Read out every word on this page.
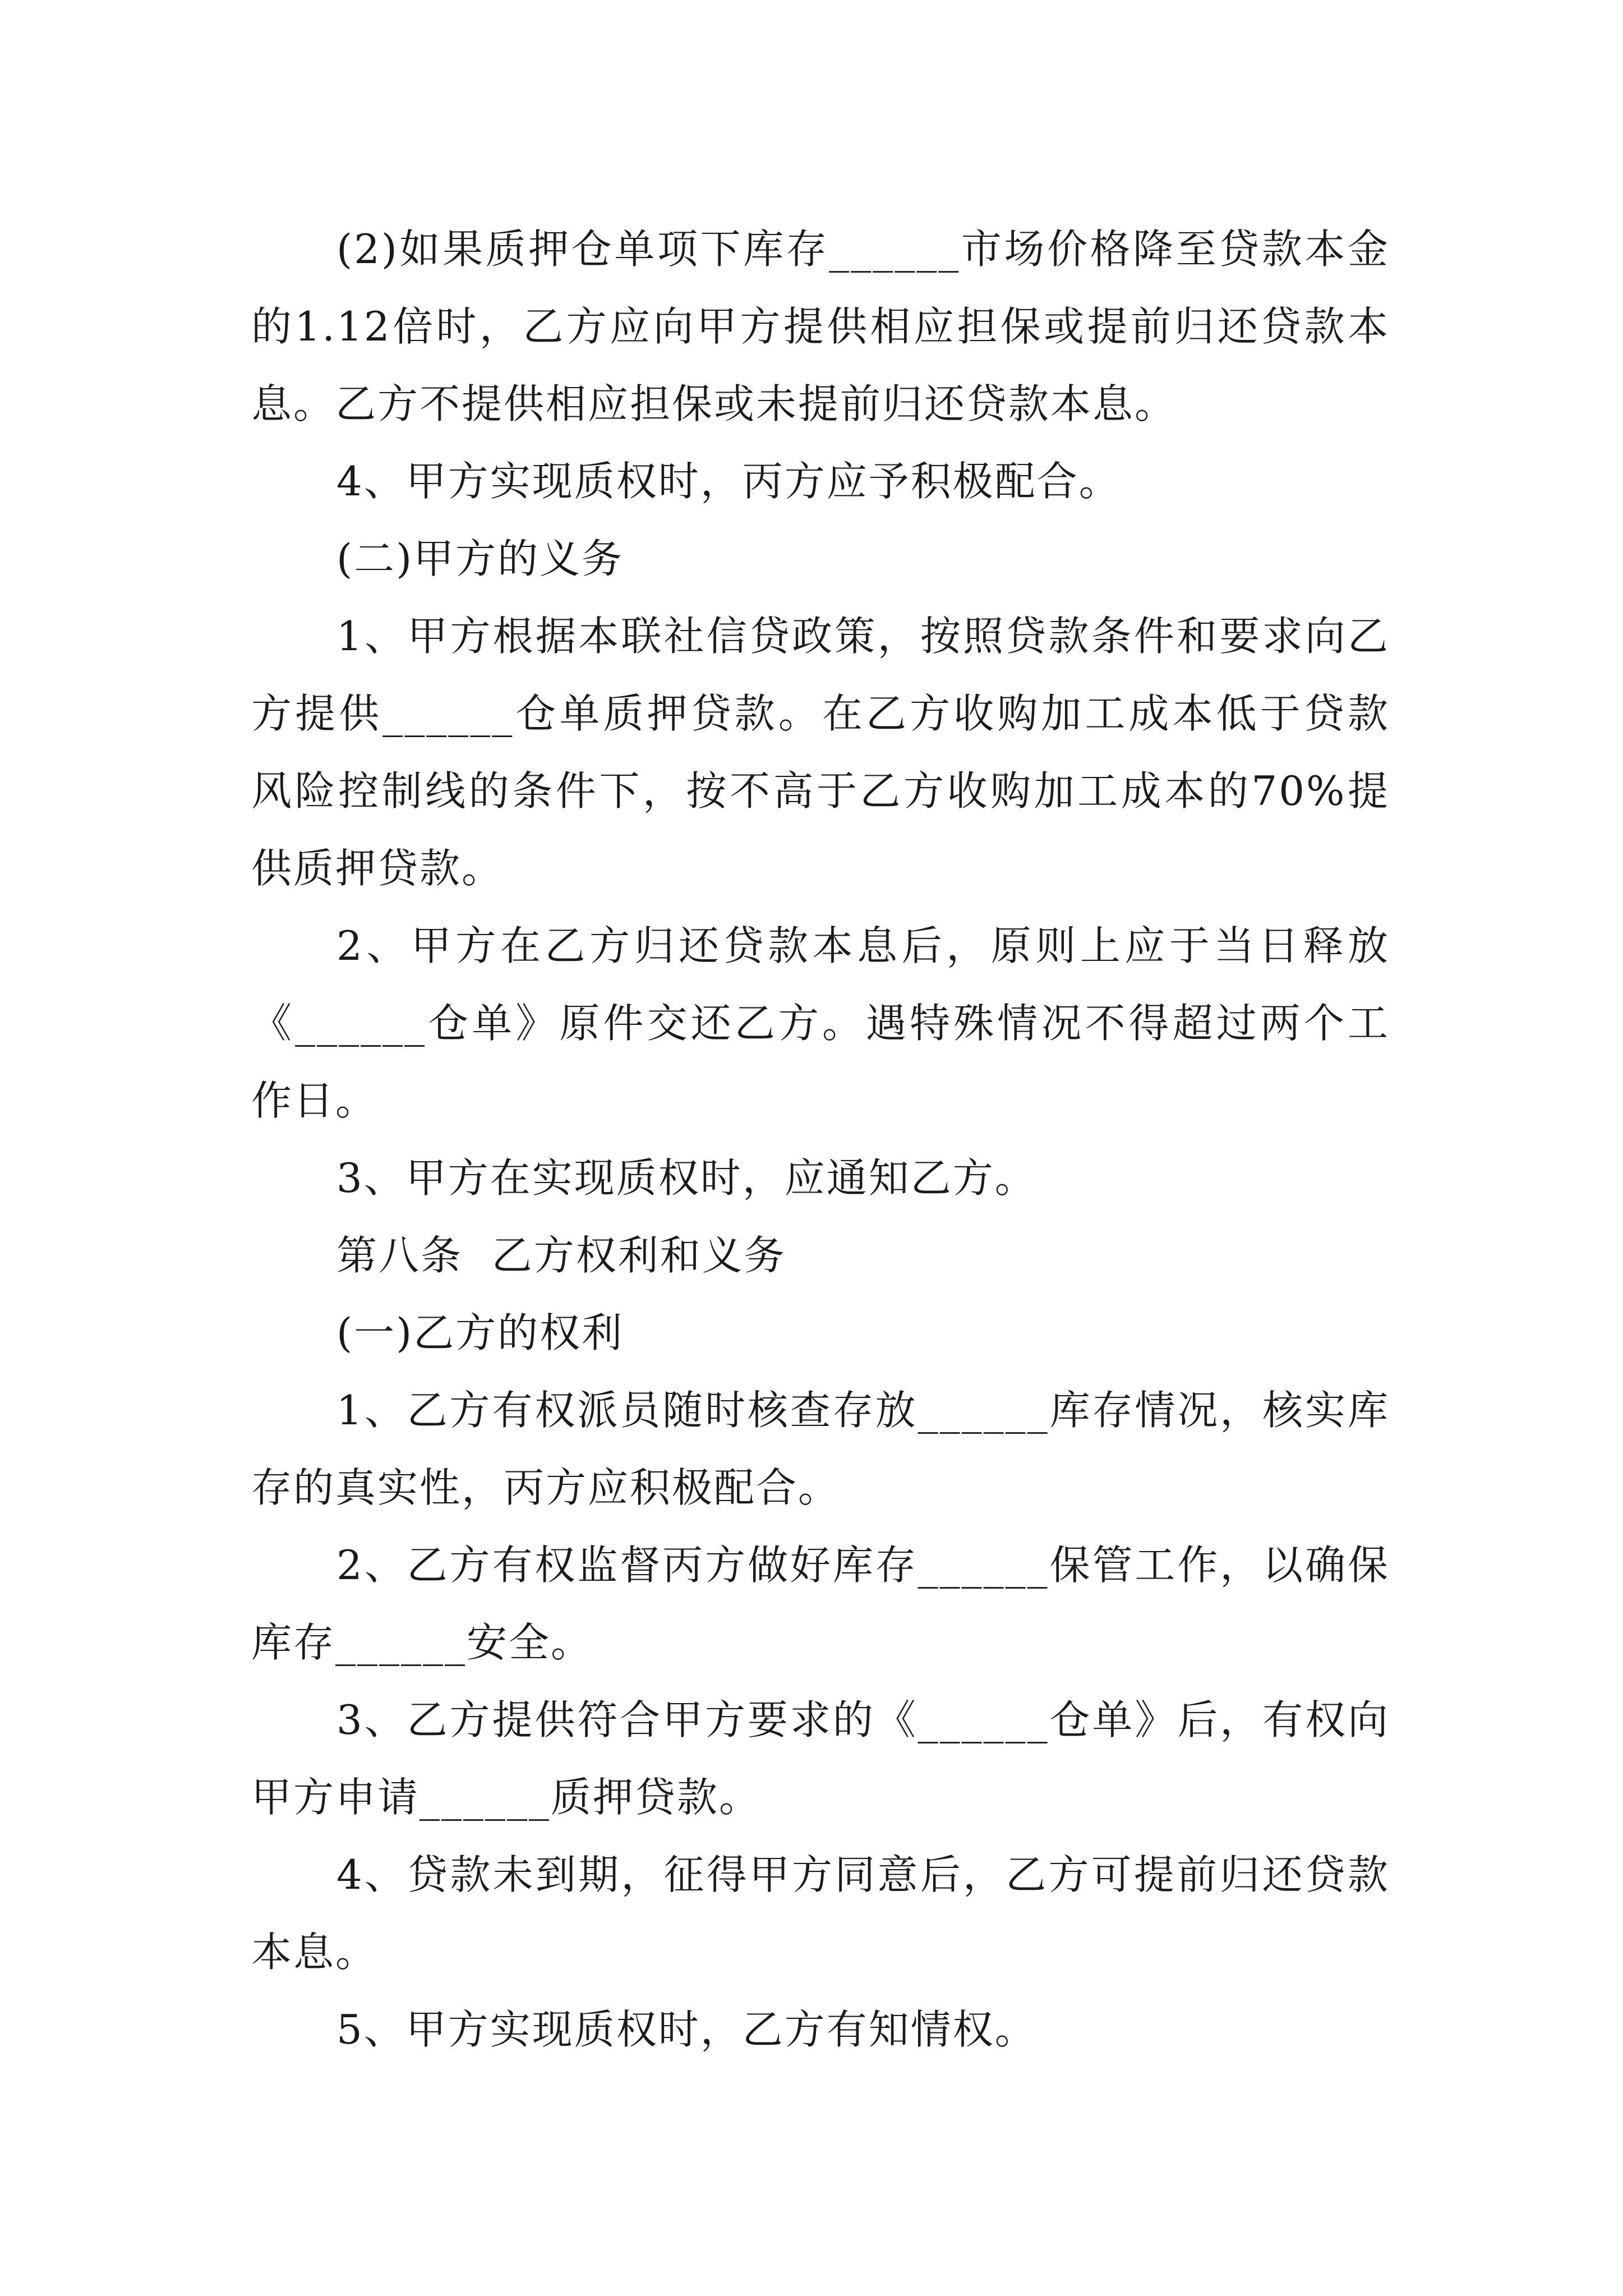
(2)如果质押仓单项下库存______市场价格降至贷款本金的1.12倍时，乙方应向甲方提供相应担保或提前归还贷款本息。乙方不提供相应担保或未提前归还贷款本息。

4、甲方实现质权时，丙方应予积极配合。

(二)甲方的义务

1、甲方根据本联社信贷政策，按照贷款条件和要求向乙方提供______仓单质押贷款。在乙方收购加工成本低于贷款风险控制线的条件下，按不高于乙方收购加工成本的70%提供质押贷款。

2、甲方在乙方归还贷款本息后，原则上应于当日释放《______仓单》原件交还乙方。遇特殊情况不得超过两个工作日。

3、甲方在实现质权时，应通知乙方。

第八条  乙方权利和义务

(一)乙方的权利

1、乙方有权派员随时核查存放______库存情况，核实库存的真实性，丙方应积极配合。

2、乙方有权监督丙方做好库存______保管工作，以确保库存______安全。

3、乙方提供符合甲方要求的《______仓单》后，有权向甲方申请______质押贷款。

4、贷款未到期，征得甲方同意后，乙方可提前归还贷款本息。

5、甲方实现质权时，乙方有知情权。
